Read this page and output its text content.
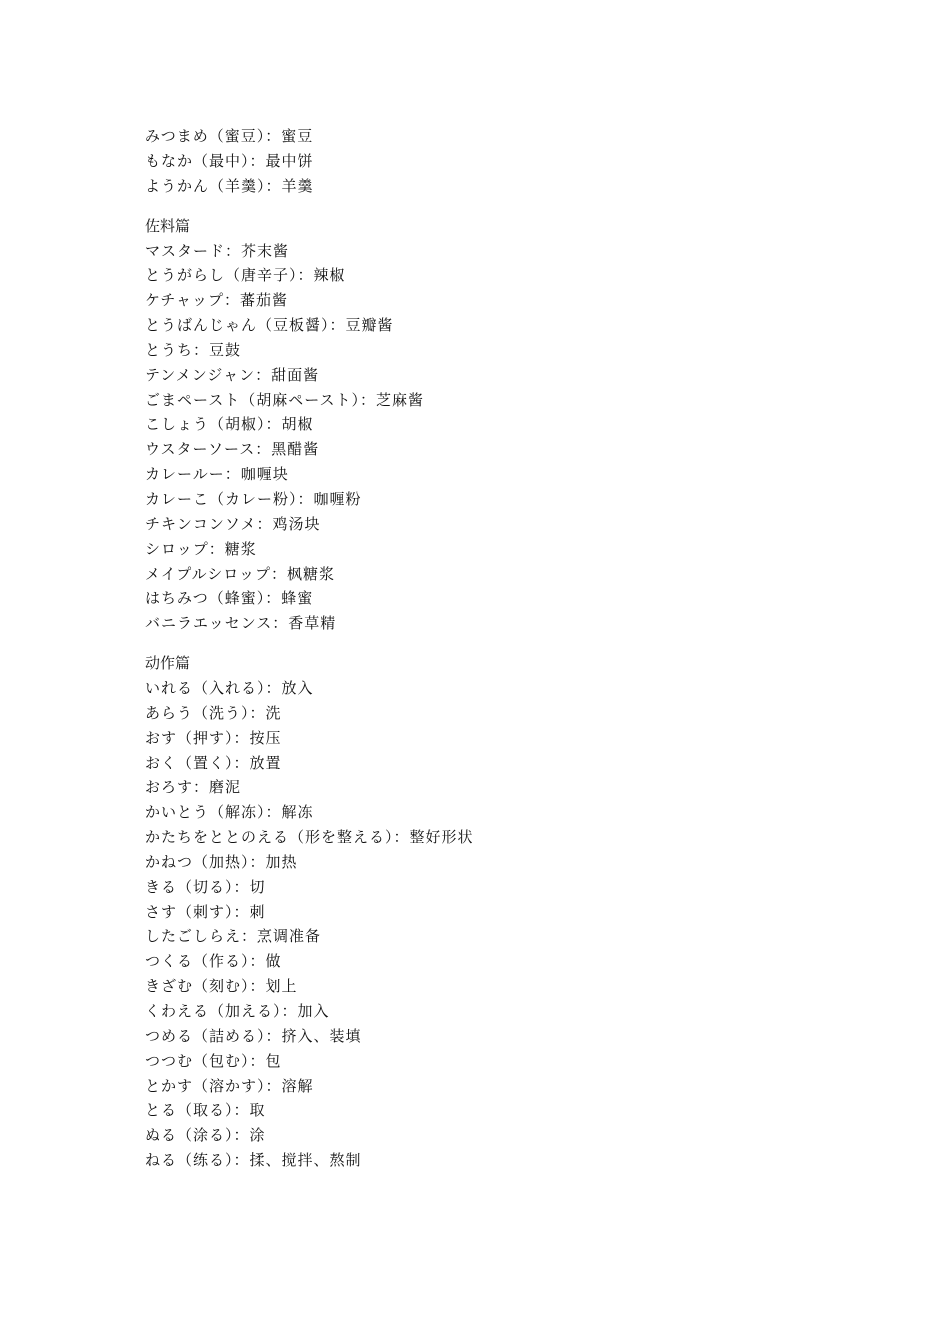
みつまめ（蜜豆）：蜜豆
もなか（最中）：最中饼
ようかん（羊羹）：羊羹
佐料篇
マスタード：芥末酱
とうがらし（唐辛子）：辣椒
ケチャップ：蕃茄酱
とうばんじゃん（豆板醤）：豆瓣酱
とうち：豆鼓
テンメンジャン：甜面酱
ごまペースト（胡麻ペースト）：芝麻酱
こしょう（胡椒）：胡椒
ウスターソース：黑醋酱
カレールー：咖喱块
カレーこ（カレー粉）：咖喱粉
チキンコンソメ：鸡汤块
シロップ：糖浆
メイプルシロップ：枫糖浆
はちみつ（蜂蜜）：蜂蜜
バニラエッセンス：香草精
动作篇
いれる（入れる）：放入
あらう（洗う）：洗
おす（押す）：按压
おく（置く）：放置
おろす：磨泥
かいとう（解冻）：解冻
かたちをととのえる（形を整える）：整好形状
かねつ（加热）：加热
きる（切る）：切
さす（刺す）：刺
したごしらえ：烹调准备
つくる（作る）：做
きざむ（刻む）：划上
くわえる（加える）：加入
つめる（詰める）：挤入、装填
つつむ（包む）：包
とかす（溶かす）：溶解
とる（取る）：取
ぬる（涂る）：涂
ねる（练る）：揉、搅拌、熬制
